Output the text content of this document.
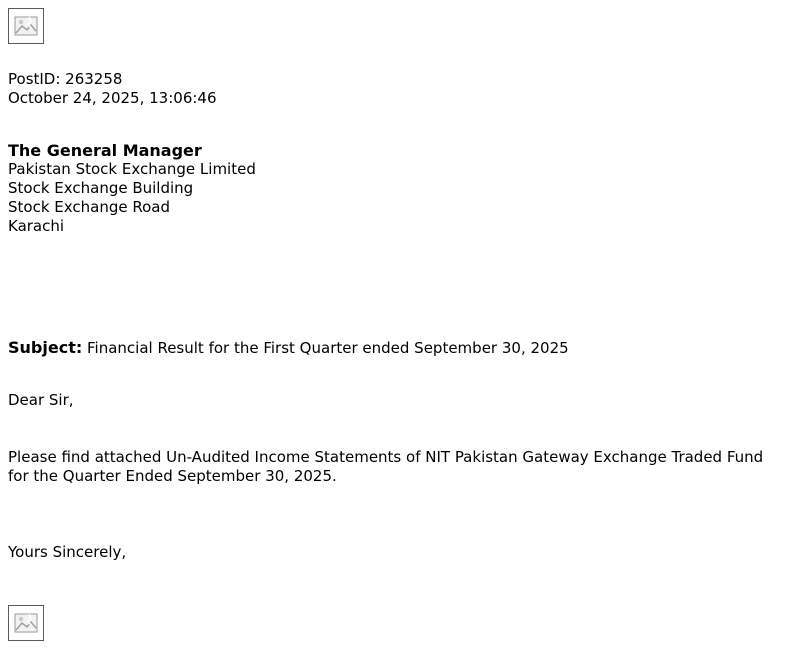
PostID: 263258
October 24, 2025, 13:06:46
The General Manager
Pakistan Stock Exchange Limited
Stock Exchange Building
Stock Exchange Road
Karachi
Subject: Financial Result for the First Quarter ended September 30, 2025
Dear Sir,
Please find attached Un-Audited Income Statements of NIT Pakistan Gateway Exchange Traded Fund for the Quarter Ended September 30, 2025.
Yours Sincerely,
